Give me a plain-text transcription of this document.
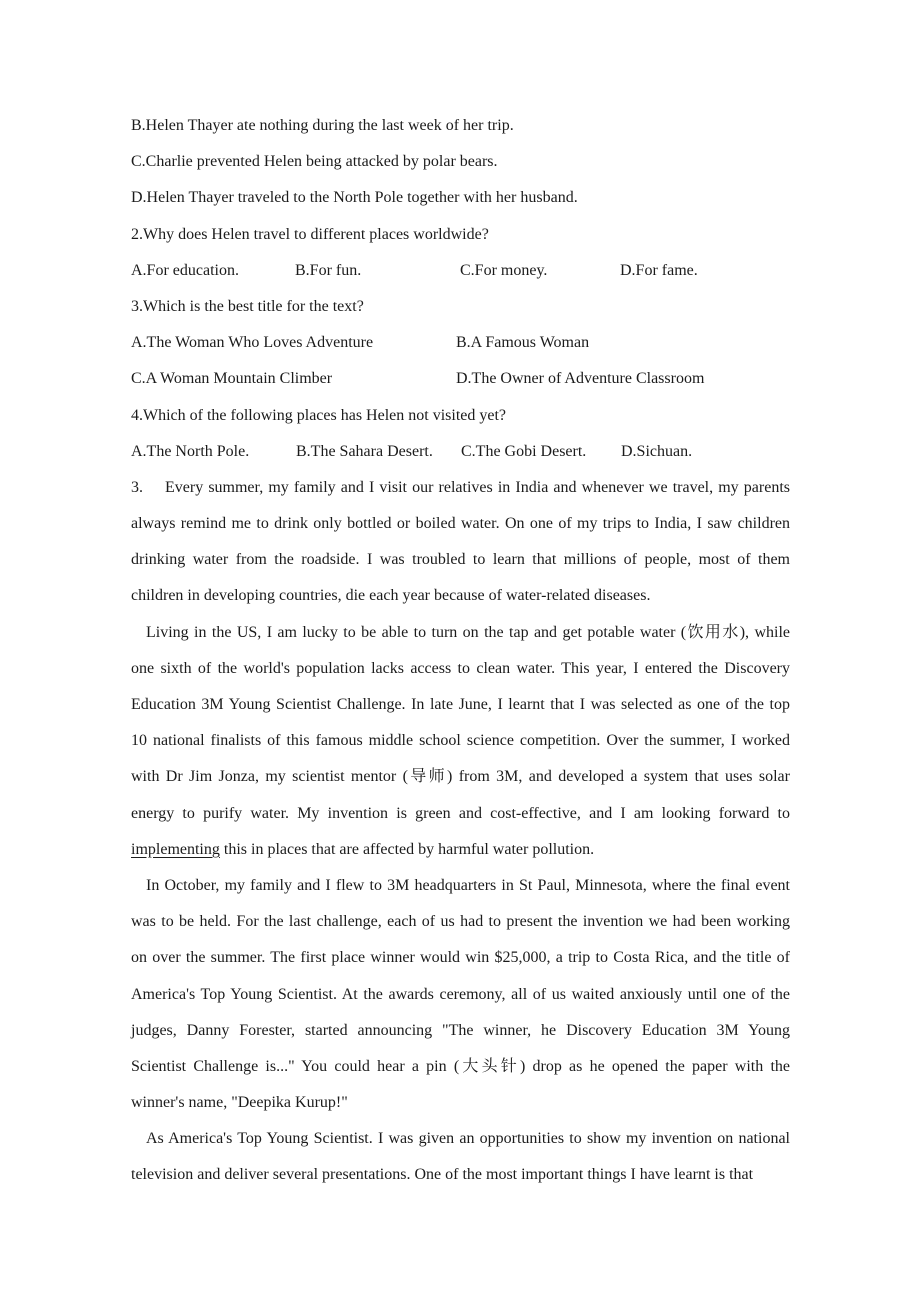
B.Helen Thayer ate nothing during the last week of her trip.
C.Charlie prevented Helen being attacked by polar bears.
D.Helen Thayer traveled to the North Pole together with her husband.
2.Why does Helen travel to different places worldwide?
A.For education.	B.For fun.	C.For money.	D.For fame.
3.Which is the best title for the text?
A.The Woman Who Loves Adventure	B.A Famous Woman
C.A Woman Mountain Climber	D.The Owner of Adventure Classroom
4.Which of the following places has Helen not visited yet?
A.The North Pole.	B.The Sahara Desert. C.The Gobi Desert. D.Sichuan.
3. Every summer, my family and I visit our relatives in India and whenever we travel, my parents
always remind me to drink only bottled or boiled water. On one of my trips to India, I saw children
drinking water from the roadside. I was troubled to learn that millions of people, most of them
children in developing countries, die each year because of water-related diseases.
Living in the US, I am lucky to be able to turn on the tap and get potable water (饮用水), while
one sixth of the world's population lacks access to clean water. This year, I entered the Discovery
Education 3M Young Scientist Challenge. In late June, I learnt that I was selected as one of the top
10 national finalists of this famous middle school science competition. Over the summer, I worked
with Dr Jim Jonza, my scientist mentor (导师) from 3M, and developed a system that uses solar
energy to purify water. My invention is green and cost-effective, and I am looking forward to
implementing this in places that are affected by harmful water pollution.
In October, my family and I flew to 3M headquarters in St Paul, Minnesota, where the final event
was to be held. For the last challenge, each of us had to present the invention we had been working
on over the summer. The first place winner would win $25,000, a trip to Costa Rica, and the title of
America's Top Young Scientist. At the awards ceremony, all of us waited anxiously until one of the
judges, Danny Forester, started announcing "The winner, he Discovery Education 3M Young
Scientist Challenge is..." You could hear a pin (大头针) drop as he opened the paper with the
winner's name, "Deepika Kurup!"
As America's Top Young Scientist. I was given an opportunities to show my invention on national
television and deliver several presentations. One of the most important things I have learnt is that
